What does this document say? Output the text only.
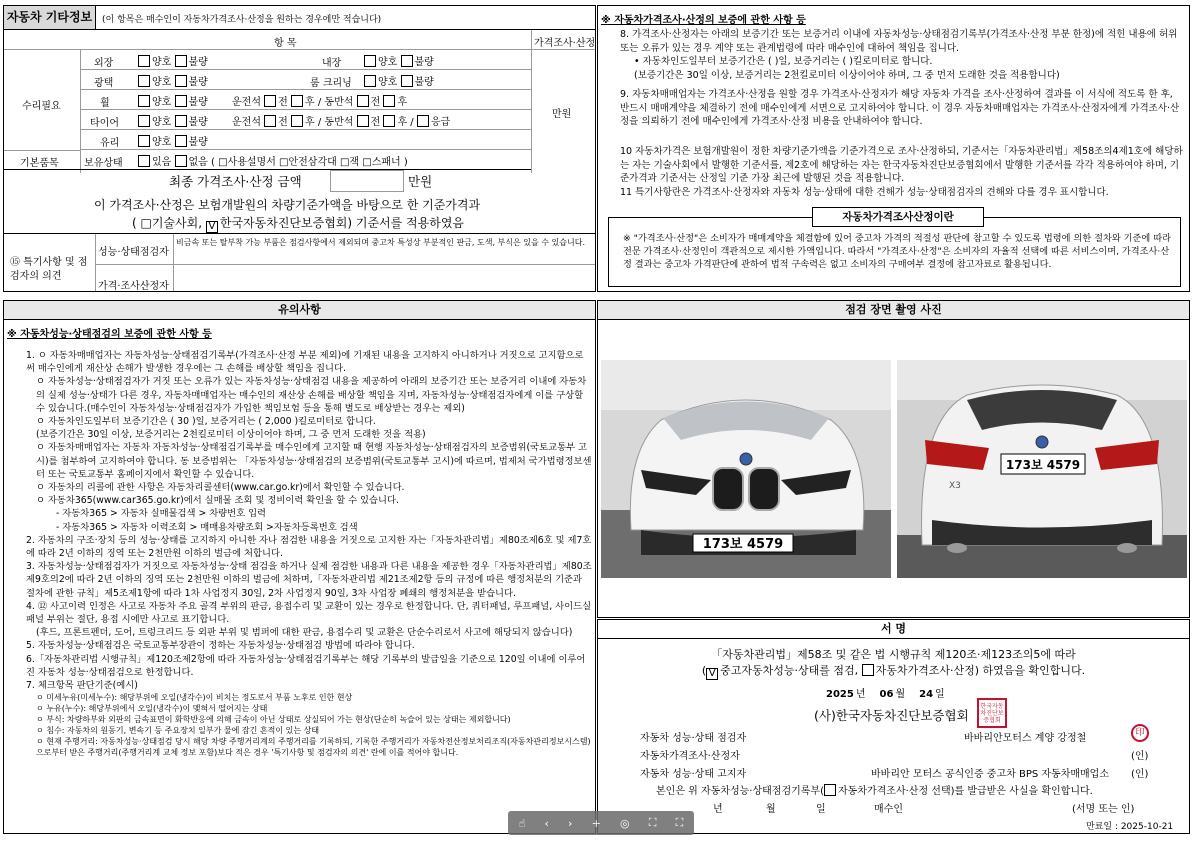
자동차 기타정보	(이 항목은 매수인이 자동차가격조사·산정을 원하는 경우에만 적습니다)
항 목	가격조사·산정
수리필요
만원
외장	양호 불량	내장	양호 불량
광택	양호 불량	룸 크리닝	양호 불량
휠	양호 불량 운전석 전 후 / 동반석 전 후
타이어	양호 불량 운전석 전 후 / 동반석 전 후 / 응급
유리	양호 불량
기본품목	보유상태	있음 없음 ( □사용설명서 □안전삼각대 □잭 □스패너 )
최종 가격조사·산정 금액	만원
이 가격조사·산정은 보험개발원의 차량기준가액을 바탕으로 한 기준가격과
( □기술사회, V 한국자동차진단보증협회) 기준서를 적용하였음
⑮ 특기사항 및 점검자의 의견
성능·상태점검자
비금속 또는 탈부착 가능 부품은 점검사항에서 제외되며 중고차 특성상 부분적인 판금, 도색, 부식은 있을 수 있습니다.
가격·조사산정자
※ 자동차가격조사·산정의 보증에 관한 사항 등
8. 가격조사·산정자는 아래의 보증기간 또는 보증거리 이내에 자동차성능·상태점검기록부(가격조사·산정 부분 한정)에 적힌 내용에 허위 또는 오류가 있는 경우 계약 또는 관계법령에 따라 매수인에 대하여 책임을 집니다.
• 자동차인도일부터 보증기간은 ( )일, 보증거리는 ( )킬로미터로 합니다.
(보증기간은 30일 이상, 보증거리는 2천킬로미터 이상이어야 하며, 그 중 먼저 도래한 것을 적용합니다)
9. 자동차매매업자는 가격조사·산정을 원할 경우 가격조사·산정자가 해당 자동차 가격을 조사·산정하여 결과를 이 서식에 적도록 한 후, 반드시 매매계약을 체결하기 전에 매수인에게 서면으로 고지하여야 합니다. 이 경우 자동차매매업자는 가격조사·산정자에게 가격조사·산정을 의뢰하기 전에 매수인에게 가격조사·산정 비용을 안내하여야 합니다.
10 자동차가격은 보험개발원이 정한 차량기준가액을 기준가격으로 조사·산정하되, 기준서는「자동차관리법」제58조의4제1호에 해당하는 자는 기술사회에서 발행한 기준서를, 제2호에 해당하는 자는 한국자동차진단보증협회에서 발행한 기준서를 각각 적용하여야 하며, 기준가격과 기준서는 산정일 기준 가장 최근에 발행된 것을 적용합니다.
11 특기사항란은 가격조사·산정자와 자동차 성능·상태에 대한 견해가 성능·상태점검자의 견해와 다를 경우 표시합니다.
자동차가격조사산정이란
※ "가격조사·산정"은 소비자가 매매계약을 체결함에 있어 중고차 가격의 적절성 판단에 참고할 수 있도록 법령에 의한 절차와 기준에 따라 전문 가격조사·산정인이 객관적으로 제시한 가액입니다. 따라서 "가격조사·산정"은 소비자의 자율적 선택에 따른 서비스이며, 가격조사·산정 결과는 중고차 가격판단에 관하여 법적 구속력은 없고 소비자의 구매여부 결정에 참고자료로 활용됩니다.
유의사항
※ 자동차성능·상태점검의 보증에 관한 사항 등
1. ㅇ 자동차매매업자는 자동차성능·상태점검기록부(가격조사·산정 부분 제외)에 기재된 내용을 고지하지 아니하거나 거짓으로 고지함으로써 매수인에게 재산상 손해가 발생한 경우에는 그 손해를 배상할 책임을 집니다.
ㅇ 자동차성능·상태점검자가 거짓 또는 오류가 있는 자동차성능·상태점검 내용을 제공하여 아래의 보증기간 또는 보증거리 이내에 자동차의 실제 성능·상태가 다른 경우, 자동차매매업자는 매수인의 재산상 손해를 배상할 책임을 지며, 자동차성능·상태점검자에게 이를 구상할 수 있습니다.(매수인이 자동차성능·상태점검자가 가입한 책임보험 등을 통해 별도로 배상받는 경우는 제외)
ㅇ 자동차인도일부터 보증기간은 ( 30 )일, 보증거리는 ( 2,000 )킬로미터로 합니다.
(보증기간은 30일 이상, 보증거리는 2천킬로미터 이상이어야 하며, 그 중 먼저 도래한 것을 적용)
ㅇ 자동차매매업자는 자동차 자동차성능·상태점검기록부를 매수인에게 고지할 때 현행 자동차성능·상태점검자의 보증범위(국토교통부 고시)를 첨부하여 고지하여야 합니다. 동 보증범위는 「자동차성능·상태점검의 보증범위(국토교통부 고시)에 따르며, 법제처 국가법령정보센터 또는 국토교통부 홈페이지에서 확인할 수 있습니다.
ㅇ 자동차의 리콜에 관한 사항은 자동차리콜센터(www.car.go.kr)에서 확인할 수 있습니다.
ㅇ 자동차365(www.car365.go.kr)에서 실매물 조회 및 정비이력 확인을 할 수 있습니다.
- 자동차365 > 자동차 실매물검색 > 차량번호 입력
- 자동차365 > 자동차 이력조회 > 매매용차량조회 >자동차등록번호 검색
2. 자동차의 구조·장치 등의 성능·상태를 고지하지 아니한 자나 점검한 내용을 거짓으로 고지한 자는「자동차관리법」제80조제6호 및 제7호에 따라 2년 이하의 징역 또는 2천만원 이하의 벌금에 처합니다.
3. 자동차성능·상태점검자가 거짓으로 자동차성능·상태 점검을 하거나 실제 점검한 내용과 다른 내용을 제공한 경우「자동차관리법」제80조제9호의2에 따라 2년 이하의 징역 또는 2천만원 이하의 벌금에 처하며,「자동차관리법 제21조제2항 등의 규정에 따른 행정처분의 기준과 절차에 관한 규칙」제5조제1항에 따라 1차 사업정지 30일, 2차 사업정지 90일, 3차 사업장 폐쇄의 행정처분을 받습니다.
4. ⑫ 사고이력 인정은 사고로 자동차 주요 골격 부위의 판금, 용접수리 및 교환이 있는 경우로 한정합니다. 단, 쿼터패널, 루프패널, 사이드실패널 부위는 절단, 용접 시에만 사고로 표기합니다.
(후드, 프론트펜더, 도어, 트렁크리드 등 외판 부위 및 범퍼에 대한 판금, 용접수리 및 교환은 단순수리로서 사고에 해당되지 않습니다)
5. 자동차성능·상태점검은 국토교통부장관이 정하는 자동차성능·상태점검 방법에 따라야 합니다.
6.「자동차관리법 시행규칙」제120조제2항에 따라 자동차성능·상태점검기록부는 해당 기록부의 발급일을 기준으로 120일 이내에 이루어진 자동차 성능·상태점검으로 한정합니다.
7. 체크항목 판단기준(예시)
ㅇ 미세누유(미세누수): 해당부위에 오일(냉각수)이 비치는 정도로서 부품 노후로 인한 현상
ㅇ 누유(누수): 해당부위에서 오일(냉각수)이 맺혀서 떨어지는 상태
ㅇ 부식: 차량하부와 외판의 금속표면이 화학반응에 의해 금속이 아닌 상태로 상실되어 가는 현상(단순히 녹슬어 있는 상태는 제외합니다)
ㅇ 침수: 자동차의 원동기, 변속기 등 주요장치 일부가 물에 잠긴 흔적이 있는 상태
ㅇ 현재 주행거리: 자동차성능·상태점검 당시 해당 차량 주행거리계의 주행거리를 기록하되, 기록한 주행거리가 자동차전산정보처리조직(자동차관리정보시스템)으로부터 받은 주행거리(주행거리계 교체 정보 포함)보다 적은 경우 '특기사항 및 점검자의 의견' 란에 이를 적어야 합니다.
점검 장면 촬영 사진
173보 4579
173보 4579
X3
서 명
「자동차관리법」제58조 및 같은 법 시행규칙 제120조·제123조의5에 따라
( V 중고자동차성능·상태를 점검, 자동차가격조사·산정) 하였음을 확인합니다.
2025 년 06 월 24 일
(사)한국자동차진단보증협회
한국자동차진단보증협회
자동차 성능·상태 점검자	바바리안모터스 계양 강정철	印
자동차가격조사·산정자	(인)
자동차 성능·상태 고지자	바바리안 모터스 공식인증 중고차 BPS 자동차매매업소 (인)
본인은 위 자동차성능·상태점검기록부( 자동차가격조사·산정 선택)를 발급받은 사실을 확인합니다.
년	월	일	매수인	(서명 또는 인)
만료일 : 2025-10-21
☝ ‹ › + ◎ ⛶ ⛶
